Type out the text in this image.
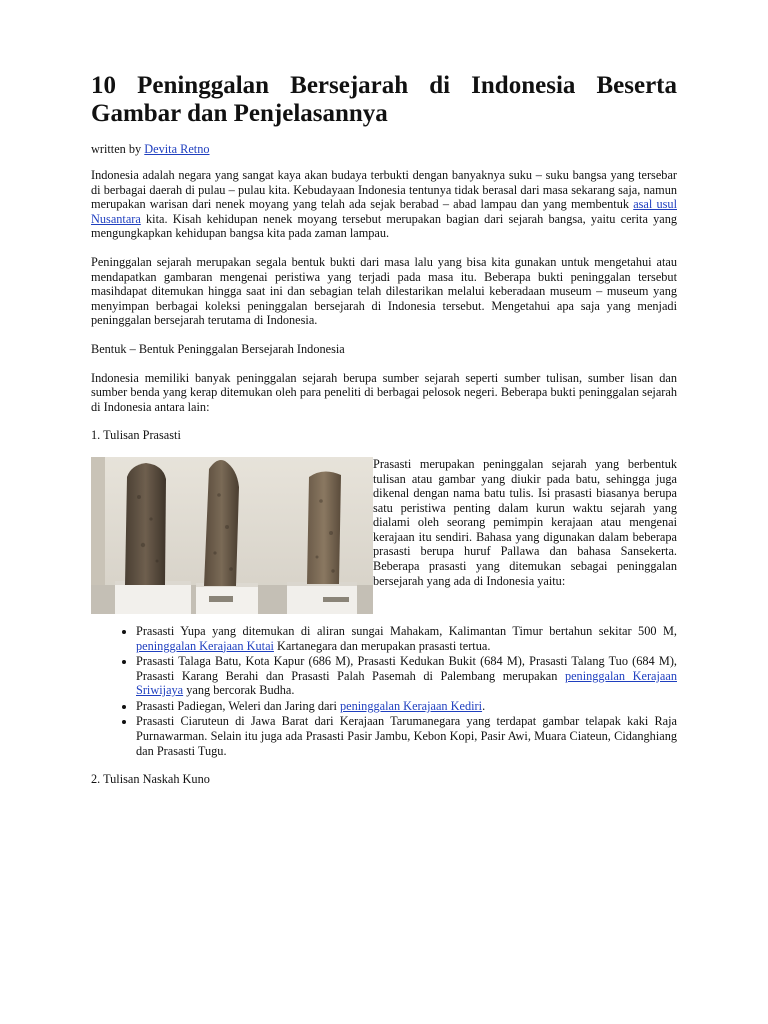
10 Peninggalan Bersejarah di Indonesia Beserta Gambar dan Penjelasannya
written by Devita Retno

Indonesia adalah negara yang sangat kaya akan budaya terbukti dengan banyaknya suku – suku bangsa yang tersebar di berbagai daerah di pulau – pulau kita. Kebudayaan Indonesia tentunya tidak berasal dari masa sekarang saja, namun merupakan warisan dari nenek moyang yang telah ada sejak berabad – abad lampau dan yang membentuk asal usul Nusantara kita. Kisah kehidupan nenek moyang tersebut merupakan bagian dari sejarah bangsa, yaitu cerita yang mengungkapkan kehidupan bangsa kita pada zaman lampau.

Peninggalan sejarah merupakan segala bentuk bukti dari masa lalu yang bisa kita gunakan untuk mengetahui atau mendapatkan gambaran mengenai peristiwa yang terjadi pada masa itu. Beberapa bukti peninggalan tersebut masihdapat ditemukan hingga saat ini dan sebagian telah dilestarikan melalui keberadaan museum – museum yang menyimpan berbagai koleksi peninggalan bersejarah di Indonesia tersebut. Mengetahui apa saja yang menjadi peninggalan bersejarah terutama di Indonesia.

Bentuk – Bentuk Peninggalan Bersejarah Indonesia

Indonesia memiliki banyak peninggalan sejarah berupa sumber sejarah seperti sumber tulisan, sumber lisan dan sumber benda yang kerap ditemukan oleh para peneliti di berbagai pelosok negeri. Beberapa bukti peninggalan sejarah di Indonesia antara lain:

1. Tulisan Prasasti

Prasasti merupakan peninggalan sejarah yang berbentuk tulisan atau gambar yang diukir pada batu, sehingga juga dikenal dengan nama batu tulis. Isi prasasti biasanya berupa satu peristiwa penting dalam kurun waktu sejarah yang dialami oleh seorang pemimpin kerajaan atau mengenai kerajaan itu sendiri. Bahasa yang digunakan dalam beberapa prasasti berupa huruf Pallawa dan bahasa Sansekerta. Beberapa prasasti yang ditemukan sebagai peninggalan bersejarah yang ada di Indonesia yaitu:

• Prasasti Yupa yang ditemukan di aliran sungai Mahakam, Kalimantan Timur bertahun sekitar 500 M, peninggalan Kerajaan Kutai Kartanegara dan merupakan prasasti tertua.
• Prasasti Talaga Batu, Kota Kapur (686 M), Prasasti Kedukan Bukit (684 M), Prasasti Talang Tuo (684 M), Prasasti Karang Berahi dan Prasasti Palah Pasemah di Palembang merupakan peninggalan Kerajaan Sriwijaya yang bercorak Budha.
• Prasasti Padiegan, Weleri dan Jaring dari peninggalan Kerajaan Kediri.
• Prasasti Ciaruteun di Jawa Barat dari Kerajaan Tarumanegara yang terdapat gambar telapak kaki Raja Purnawarman. Selain itu juga ada Prasasti Pasir Jambu, Kebon Kopi, Pasir Awi, Muara Ciateun, Cidanghiang dan Prasasti Tugu.

2. Tulisan Naskah Kuno
